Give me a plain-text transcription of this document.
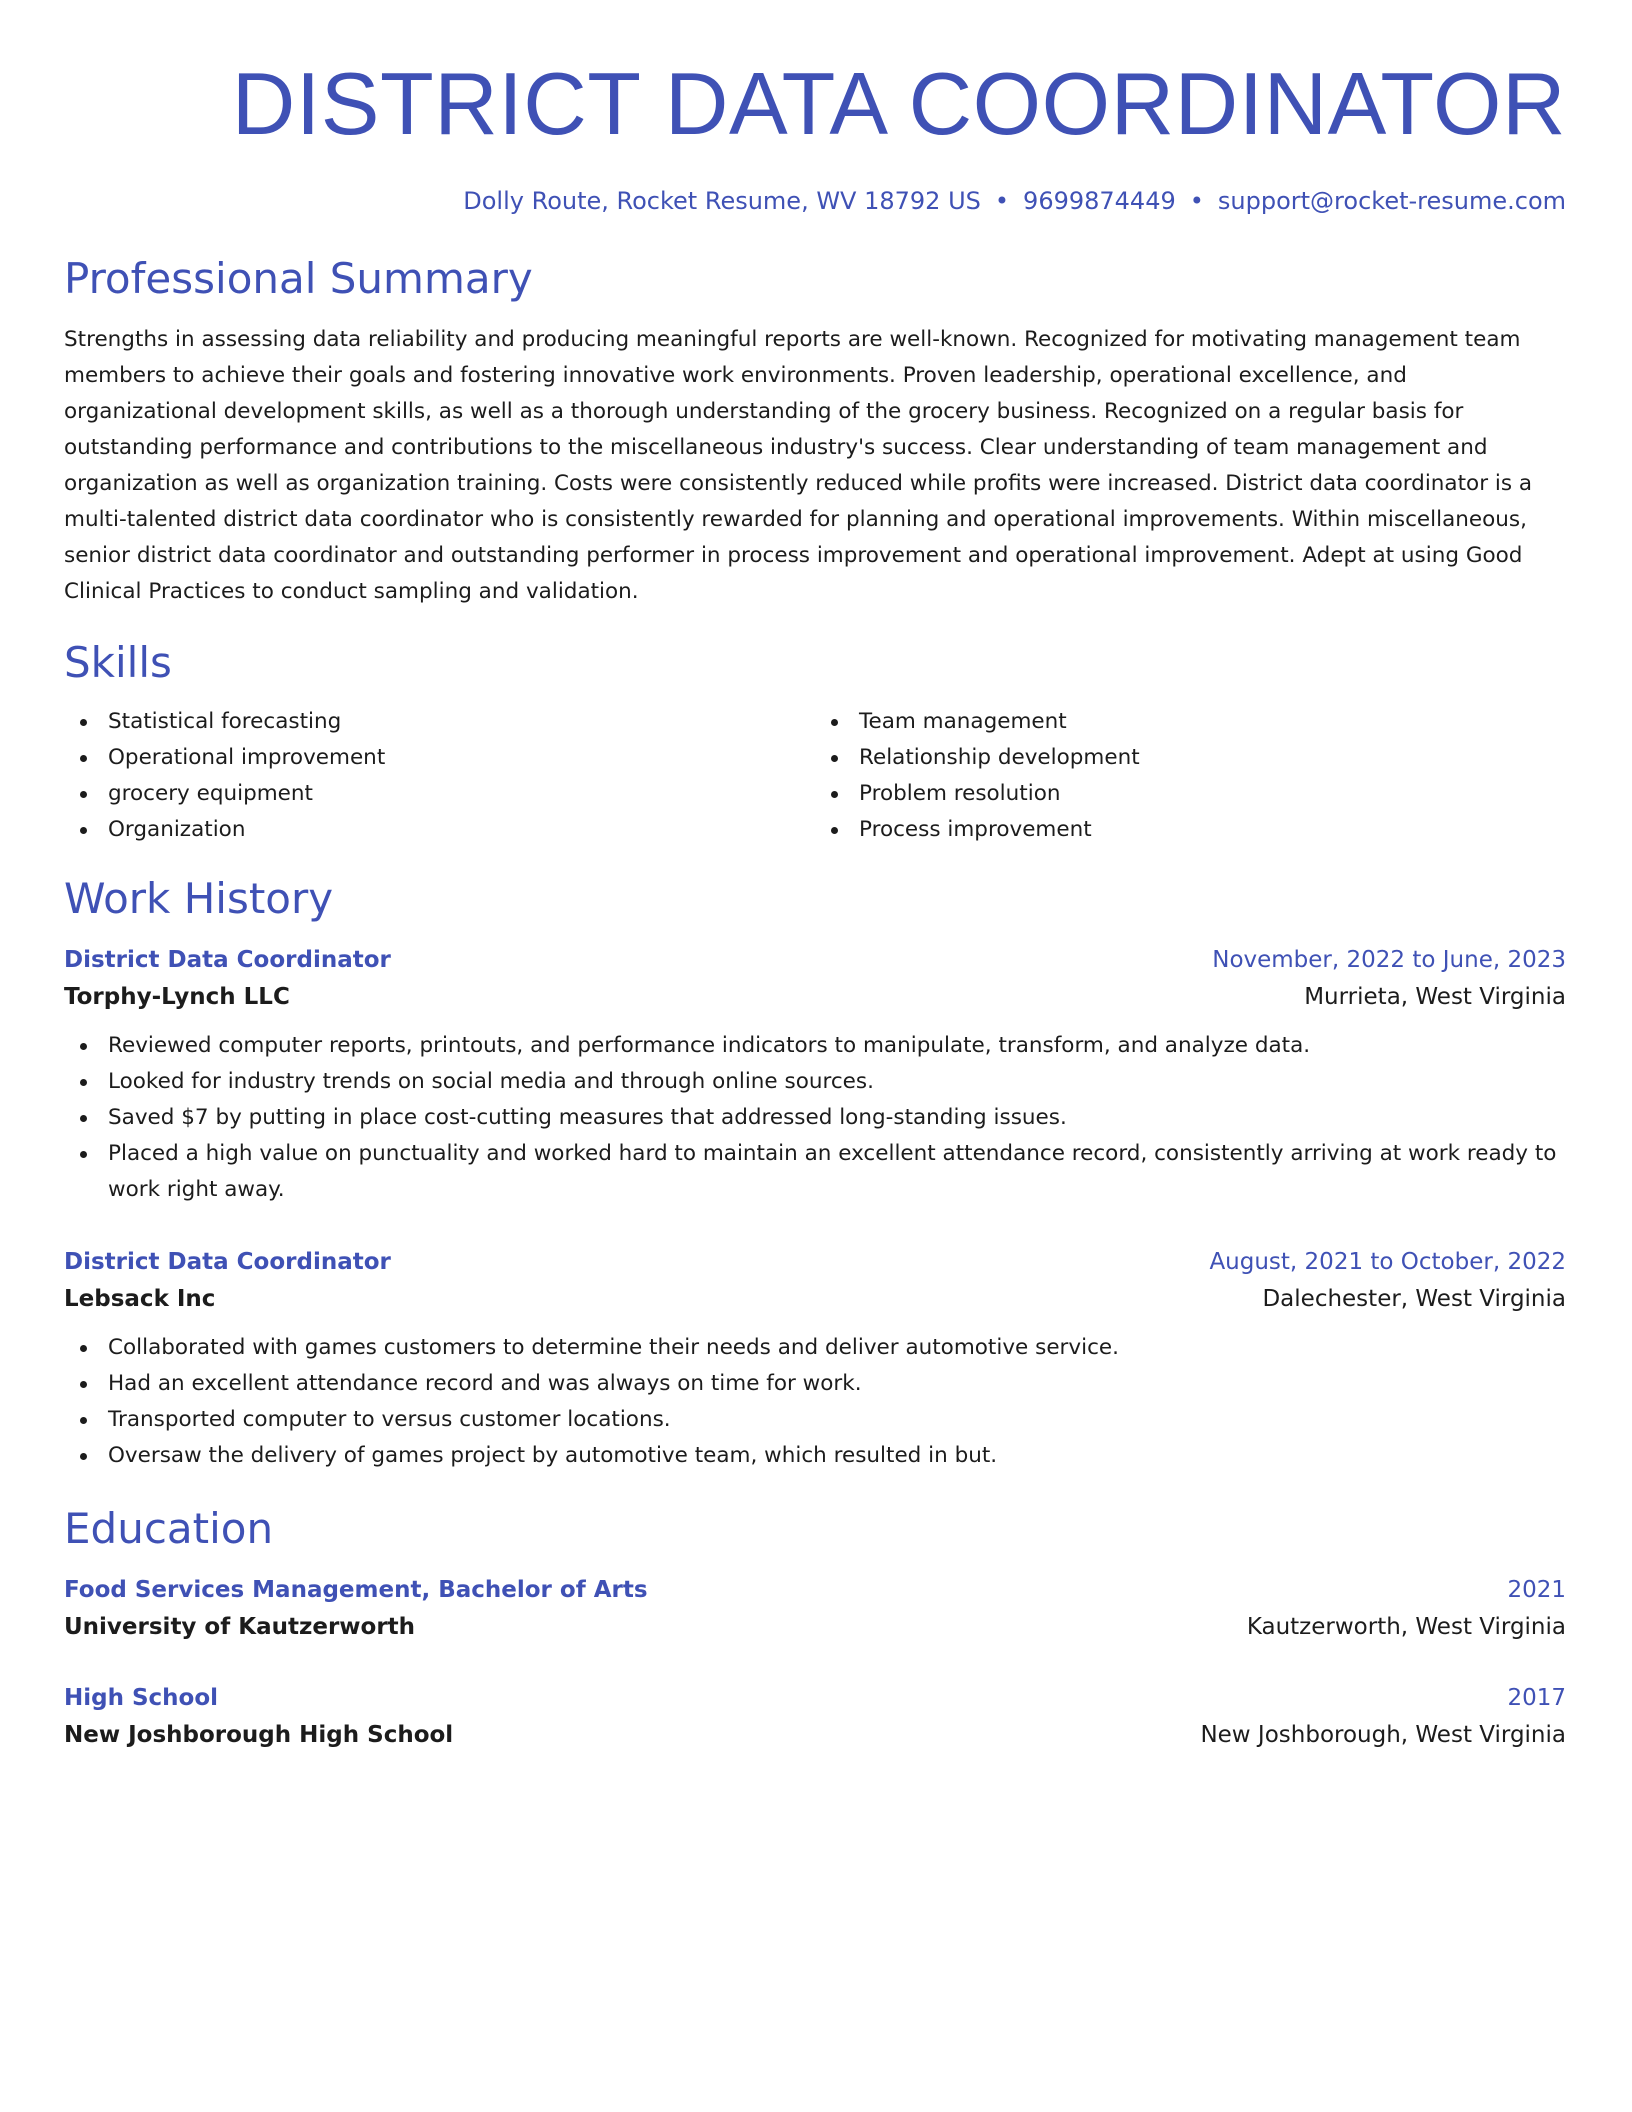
DISTRICT DATA COORDINATOR
Dolly Route, Rocket Resume, WV 18792 US • 9699874449 • support@rocket-resume.com
Professional Summary

Strengths in assessing data reliability and producing meaningful reports are well-known. Recognized for motivating management team members to achieve their goals and fostering innovative work environments. Proven leadership, operational excellence, and organizational development skills, as well as a thorough understanding of the grocery business. Recognized on a regular basis for outstanding performance and contributions to the miscellaneous industry's success. Clear understanding of team management and organization as well as organization training. Costs were consistently reduced while profits were increased. District data coordinator is a multi-talented district data coordinator who is consistently rewarded for planning and operational improvements. Within miscellaneous, senior district data coordinator and outstanding performer in process improvement and operational improvement. Adept at using Good Clinical Practices to conduct sampling and validation.

Skills
Statistical forecasting
Operational improvement
grocery equipment
Organization
Team management
Relationship development
Problem resolution
Process improvement
Work History
District Data Coordinator	November, 2022 to June, 2023
Torphy-Lynch LLC	Murrieta, West Virginia
Reviewed computer reports, printouts, and performance indicators to manipulate, transform, and analyze data.
Looked for industry trends on social media and through online sources.
Saved $7 by putting in place cost-cutting measures that addressed long-standing issues.
Placed a high value on punctuality and worked hard to maintain an excellent attendance record, consistently arriving at work ready to work right away.
District Data Coordinator	August, 2021 to October, 2022
Lebsack Inc	Dalechester, West Virginia
Collaborated with games customers to determine their needs and deliver automotive service.
Had an excellent attendance record and was always on time for work.
Transported computer to versus customer locations.
Oversaw the delivery of games project by automotive team, which resulted in but.
Education
Food Services Management, Bachelor of Arts	2021
University of Kautzerworth	Kautzerworth, West Virginia
High School	2017
New Joshborough High School	New Joshborough, West Virginia
